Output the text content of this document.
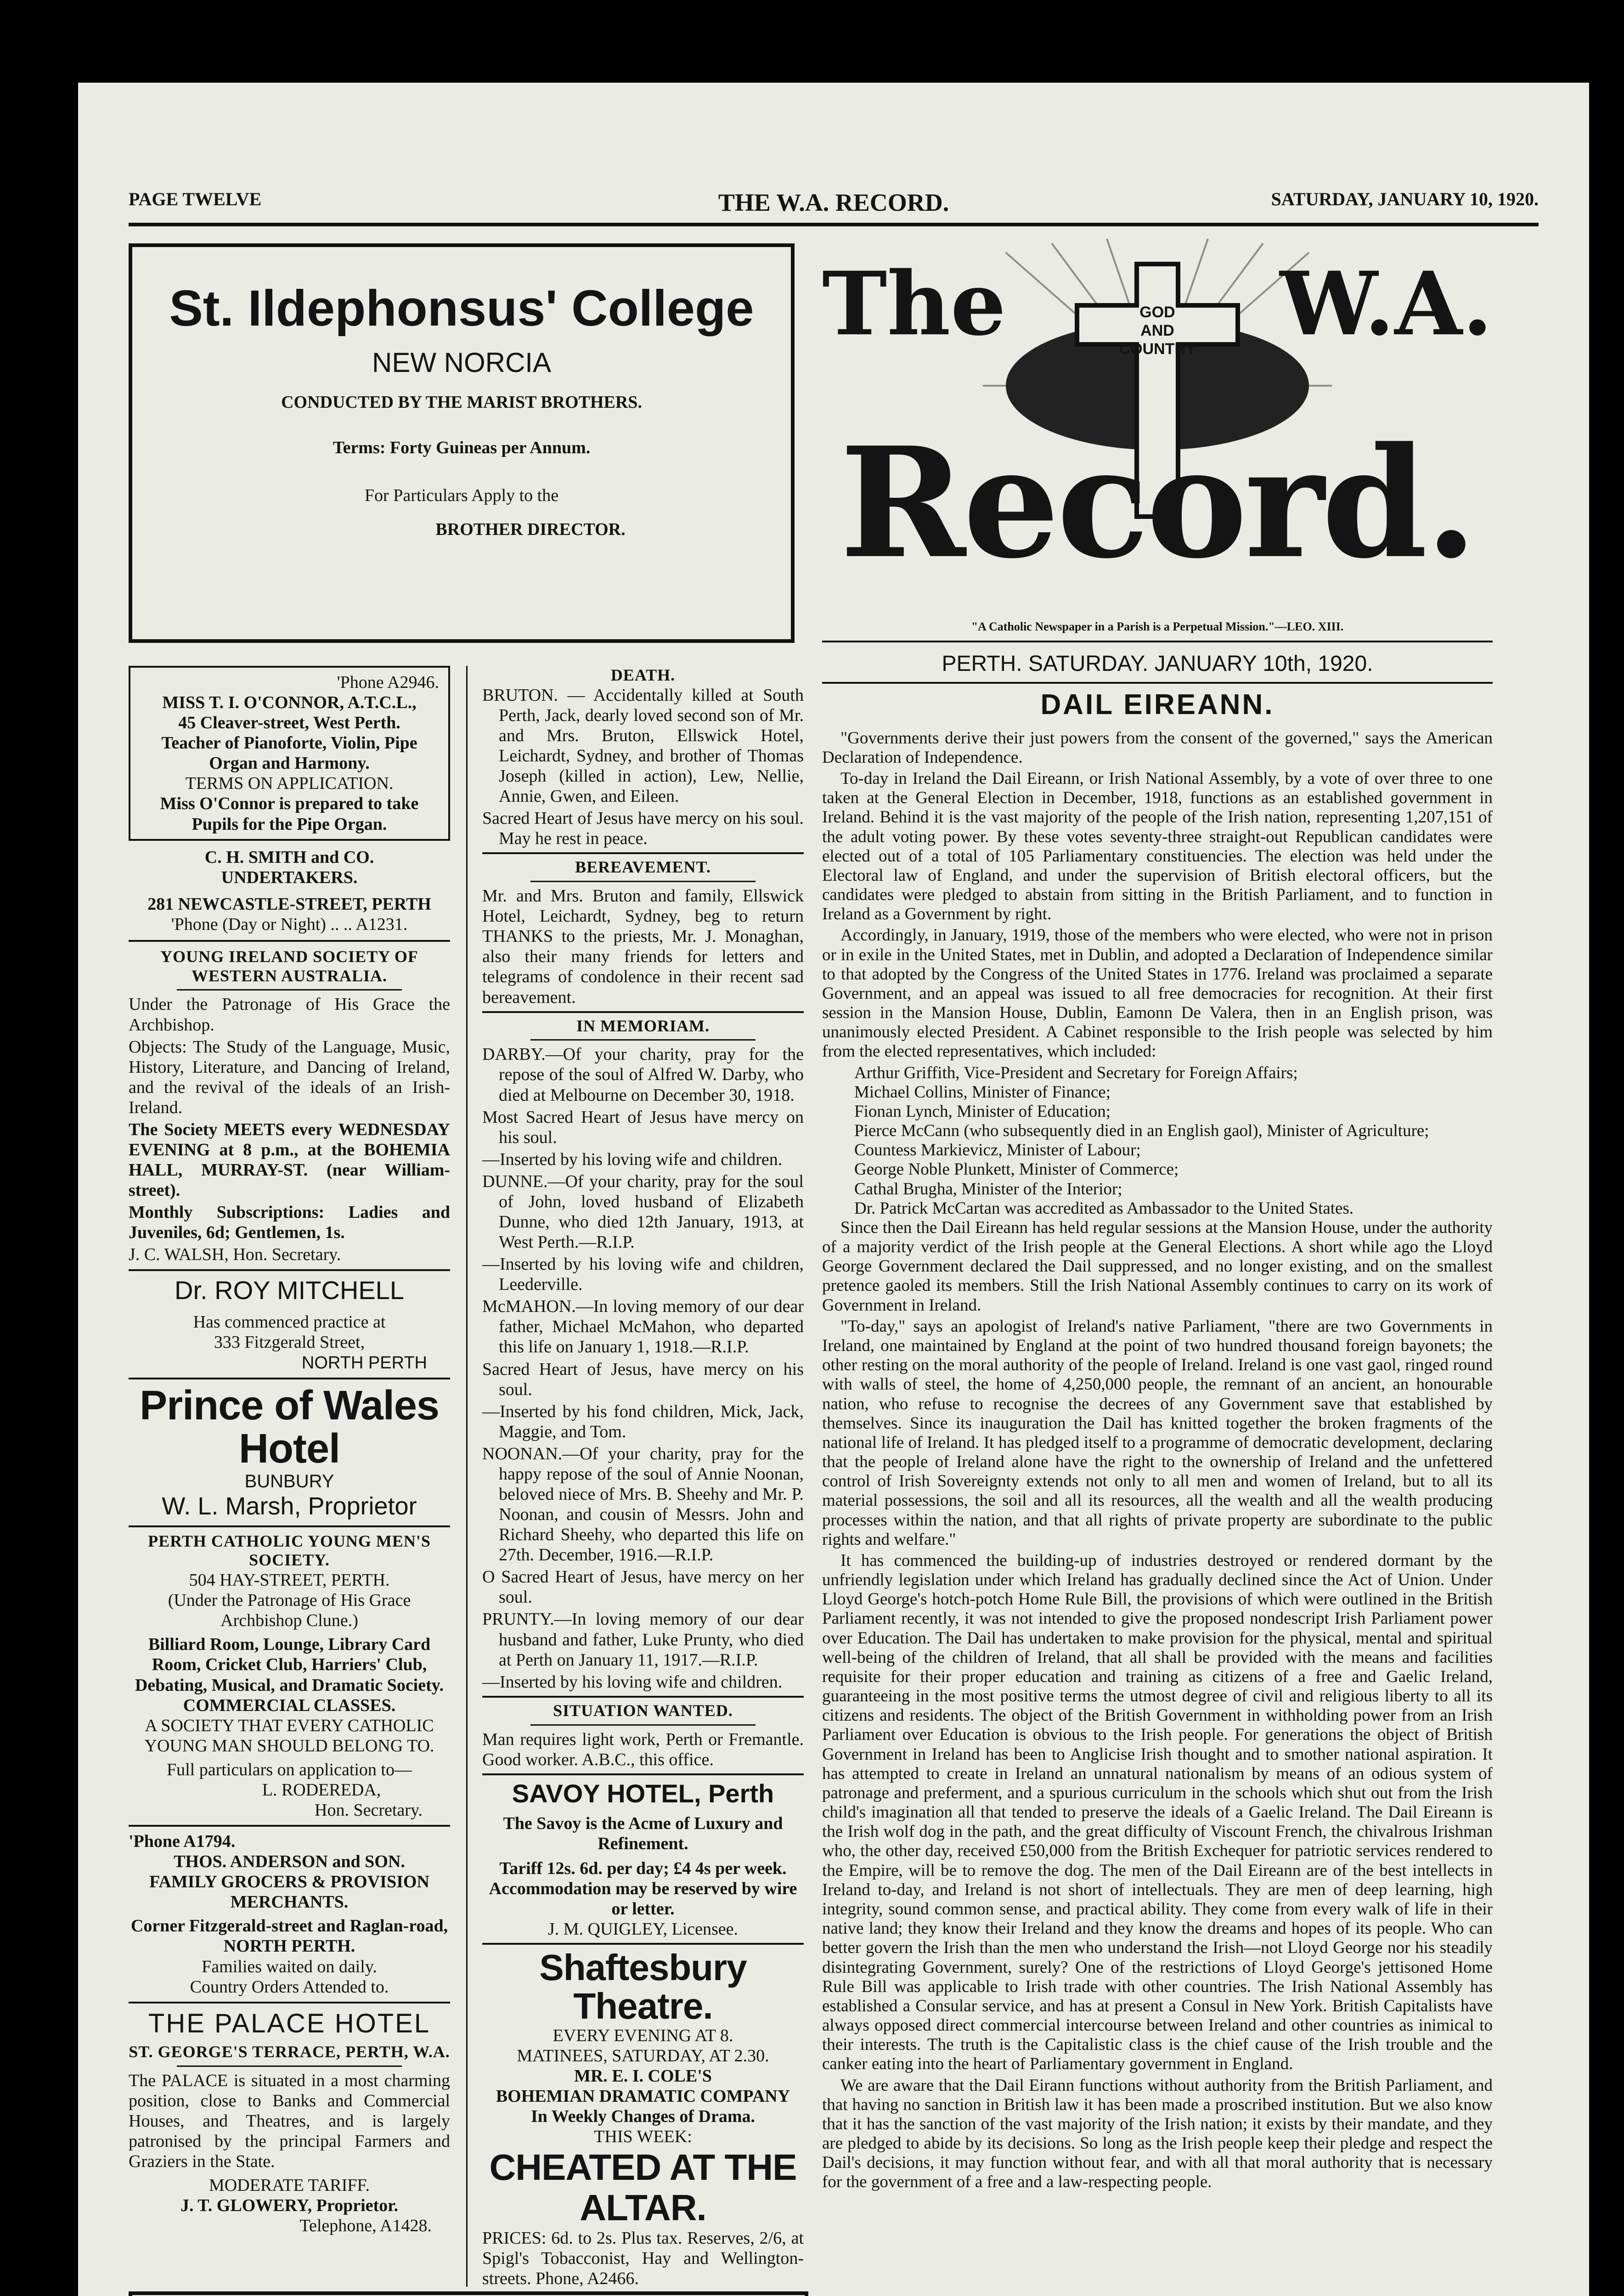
PAGE TWELVE	THE W.A. RECORD.	SATURDAY, JANUARY 10, 1920.
The	W.A.
GOD
AND
COUNTRY
Record.
"A Catholic Newspaper in a Parish is a Perpetual Mission."—LEO. XIII.
PERTH. SATURDAY. JANUARY 10th, 1920.
St. Ildephonsus' College
NEW NORCIA
CONDUCTED BY THE MARIST BROTHERS.
Terms: Forty Guineas per Annum.
For Particulars Apply to the
BROTHER DIRECTOR.
'Phone A2946.
MISS T. I. O'CONNOR, A.T.C.L.,
45 Cleaver-street, West Perth.
Teacher of Pianoforte, Violin, Pipe Organ and Harmony.
TERMS ON APPLICATION.
Miss O'Connor is prepared to take Pupils for the Pipe Organ.
C. H. SMITH and CO.
UNDERTAKERS.
281 NEWCASTLE-STREET, PERTH
'Phone (Day or Night) .. .. A1231.
YOUNG IRELAND SOCIETY OF WESTERN AUSTRALIA.

Under the Patronage of His Grace the Archbishop.

Objects: The Study of the Language, Music, History, Literature, and Dancing of Ireland, and the revival of the ideals of an Irish-Ireland.

The Society MEETS every WEDNESDAY EVENING at 8 p.m., at the BOHEMIA HALL, MURRAY-ST. (near William-street).

Monthly Subscriptions: Ladies and Juveniles, 6d; Gentlemen, 1s.

J. C. WALSH, Hon. Secretary.

Dr. ROY MITCHELL
Has commenced practice at
333 Fitzgerald Street,
NORTH PERTH
Prince of Wales Hotel
BUNBURY
W. L. Marsh, Proprietor
PERTH CATHOLIC YOUNG MEN'S SOCIETY.
504 HAY-STREET, PERTH.
(Under the Patronage of His Grace Archbishop Clune.)
Billiard Room, Lounge, Library Card Room, Cricket Club, Harriers' Club,
Debating, Musical, and Dramatic Society.
COMMERCIAL CLASSES.
A SOCIETY THAT EVERY CATHOLIC YOUNG MAN SHOULD BELONG TO.
Full particulars on application to—
L. RODEREDA,
Hon. Secretary.
'Phone A1794.
THOS. ANDERSON and SON.
FAMILY GROCERS & PROVISION MERCHANTS.
Corner Fitzgerald-street and Raglan-road, NORTH PERTH.
Families waited on daily.
Country Orders Attended to.
THE PALACE HOTEL
ST. GEORGE'S TERRACE, PERTH, W.A.

The PALACE is situated in a most charming position, close to Banks and Commercial Houses, and Theatres, and is largely patronised by the principal Farmers and Graziers in the State.

MODERATE TARIFF.
J. T. GLOWERY, Proprietor.
Telephone, A1428.
DEATH.

BRUTON. — Accidentally killed at South Perth, Jack, dearly loved second son of Mr. and Mrs. Bruton, Ellswick Hotel, Leichardt, Sydney, and brother of Thomas Joseph (killed in action), Lew, Nellie, Annie, Gwen, and Eileen.

Sacred Heart of Jesus have mercy on his soul. May he rest in peace.

BEREAVEMENT.

Mr. and Mrs. Bruton and family, Ellswick Hotel, Leichardt, Sydney, beg to return THANKS to the priests, Mr. J. Monaghan, also their many friends for letters and telegrams of condolence in their recent sad bereavement.

IN MEMORIAM.

DARBY.—Of your charity, pray for the repose of the soul of Alfred W. Darby, who died at Melbourne on December 30, 1918.

Most Sacred Heart of Jesus have mercy on his soul.

—Inserted by his loving wife and children.

DUNNE.—Of your charity, pray for the soul of John, loved husband of Elizabeth Dunne, who died 12th January, 1913, at West Perth.—R.I.P.

—Inserted by his loving wife and children, Leederville.

McMAHON.—In loving memory of our dear father, Michael McMahon, who departed this life on January 1, 1918.—R.I.P.

Sacred Heart of Jesus, have mercy on his soul.

—Inserted by his fond children, Mick, Jack, Maggie, and Tom.

NOONAN.—Of your charity, pray for the happy repose of the soul of Annie Noonan, beloved niece of Mrs. B. Sheehy and Mr. P. Noonan, and cousin of Messrs. John and Richard Sheehy, who departed this life on 27th. December, 1916.—R.I.P.

O Sacred Heart of Jesus, have mercy on her soul.

PRUNTY.—In loving memory of our dear husband and father, Luke Prunty, who died at Perth on January 11, 1917.—R.I.P.

—Inserted by his loving wife and children.

SITUATION WANTED.

Man requires light work, Perth or Fremantle. Good worker. A.B.C., this office.

SAVOY HOTEL, Perth
The Savoy is the Acme of Luxury and Refinement.
Tariff 12s. 6d. per day; £4 4s per week.
Accommodation may be reserved by wire or letter.
J. M. QUIGLEY, Licensee.
Shaftesbury Theatre.
EVERY EVENING AT 8.
MATINEES, SATURDAY, AT 2.30.
MR. E. I. COLE'S
BOHEMIAN DRAMATIC COMPANY
In Weekly Changes of Drama.
THIS WEEK:
CHEATED AT THE ALTAR.

PRICES: 6d. to 2s. Plus tax. Reserves, 2/6, at Spigl's Tobacconist, Hay and Wellington-streets. Phone, A2466.

DAIL EIREANN.

"Governments derive their just powers from the consent of the governed," says the American Declaration of Independence.

To-day in Ireland the Dail Eireann, or Irish National Assembly, by a vote of over three to one taken at the General Election in December, 1918, functions as an established government in Ireland. Behind it is the vast majority of the people of the Irish nation, representing 1,207,151 of the adult voting power. By these votes seventy-three straight-out Republican candidates were elected out of a total of 105 Parliamentary constituencies. The election was held under the Electoral law of England, and under the supervision of British electoral officers, but the candidates were pledged to abstain from sitting in the British Parliament, and to function in Ireland as a Government by right.

Accordingly, in January, 1919, those of the members who were elected, who were not in prison or in exile in the United States, met in Dublin, and adopted a Declaration of Independence similar to that adopted by the Congress of the United States in 1776. Ireland was proclaimed a separate Government, and an appeal was issued to all free democracies for recognition. At their first session in the Mansion House, Dublin, Eamonn De Valera, then in an English prison, was unanimously elected President. A Cabinet responsible to the Irish people was selected by him from the elected representatives, which included:

Arthur Griffith, Vice-President and Secretary for Foreign Affairs;

Michael Collins, Minister of Finance;

Fionan Lynch, Minister of Education;

Pierce McCann (who subsequently died in an English gaol), Minister of Agriculture;

Countess Markievicz, Minister of Labour;

George Noble Plunkett, Minister of Commerce;

Cathal Brugha, Minister of the Interior;

Dr. Patrick McCartan was accredited as Ambassador to the United States.

Since then the Dail Eireann has held regular sessions at the Mansion House, under the authority of a majority verdict of the Irish people at the General Elections. A short while ago the Lloyd George Government declared the Dail suppressed, and no longer existing, and on the smallest pretence gaoled its members. Still the Irish National Assembly continues to carry on its work of Government in Ireland.

"To-day," says an apologist of Ireland's native Parliament, "there are two Governments in Ireland, one maintained by England at the point of two hundred thousand foreign bayonets; the other resting on the moral authority of the people of Ireland. Ireland is one vast gaol, ringed round with walls of steel, the home of 4,250,000 people, the remnant of an ancient, an honourable nation, who refuse to recognise the decrees of any Government save that established by themselves. Since its inauguration the Dail has knitted together the broken fragments of the national life of Ireland. It has pledged itself to a programme of democratic development, declaring that the people of Ireland alone have the right to the ownership of Ireland and the unfettered control of Irish Sovereignty extends not only to all men and women of Ireland, but to all its material possessions, the soil and all its resources, all the wealth and all the wealth producing processes within the nation, and that all rights of private property are subordinate to the public rights and welfare."

It has commenced the building-up of industries destroyed or rendered dormant by the unfriendly legislation under which Ireland has gradually declined since the Act of Union. Under Lloyd George's hotch-potch Home Rule Bill, the provisions of which were outlined in the British Parliament recently, it was not intended to give the proposed nondescript Irish Parliament power over Education. The Dail has undertaken to make provision for the physical, mental and spiritual well-being of the children of Ireland, that all shall be provided with the means and facilities requisite for their proper education and training as citizens of a free and Gaelic Ireland, guaranteeing in the most positive terms the utmost degree of civil and religious liberty to all its citizens and residents. The object of the British Government in withholding power from an Irish Parliament over Education is obvious to the Irish people. For generations the object of British Government in Ireland has been to Anglicise Irish thought and to smother national aspiration. It has attempted to create in Ireland an unnatural nationalism by means of an odious system of patronage and preferment, and a spurious curriculum in the schools which shut out from the Irish child's imagination all that tended to preserve the ideals of a Gaelic Ireland. The Dail Eireann is the Irish wolf dog in the path, and the great difficulty of Viscount French, the chivalrous Irishman who, the other day, received £50,000 from the British Exchequer for patriotic services rendered to the Empire, will be to remove the dog. The men of the Dail Eireann are of the best intellects in Ireland to-day, and Ireland is not short of intellectuals. They are men of deep learning, high integrity, sound common sense, and practical ability. They come from every walk of life in their native land; they know their Ireland and they know the dreams and hopes of its people. Who can better govern the Irish than the men who understand the Irish—not Lloyd George nor his steadily disintegrating Government, surely? One of the restrictions of Lloyd George's jettisoned Home Rule Bill was applicable to Irish trade with other countries. The Irish National Assembly has established a Consular service, and has at present a Consul in New York. British Capitalists have always opposed direct commercial intercourse between Ireland and other countries as inimical to their interests. The truth is the Capitalistic class is the chief cause of the Irish trouble and the canker eating into the heart of Parliamentary government in England.

We are aware that the Dail Eirann functions without authority from the British Parliament, and that having no sanction in British law it has been made a proscribed institution. But we also know that it has the sanction of the vast majority of the Irish nation; it exists by their mandate, and they are pledged to abide by its decisions. So long as the Irish people keep their pledge and respect the Dail's decisions, it may function without fear, and with all that moral authority that is necessary for the government of a free and a law-respecting people.
